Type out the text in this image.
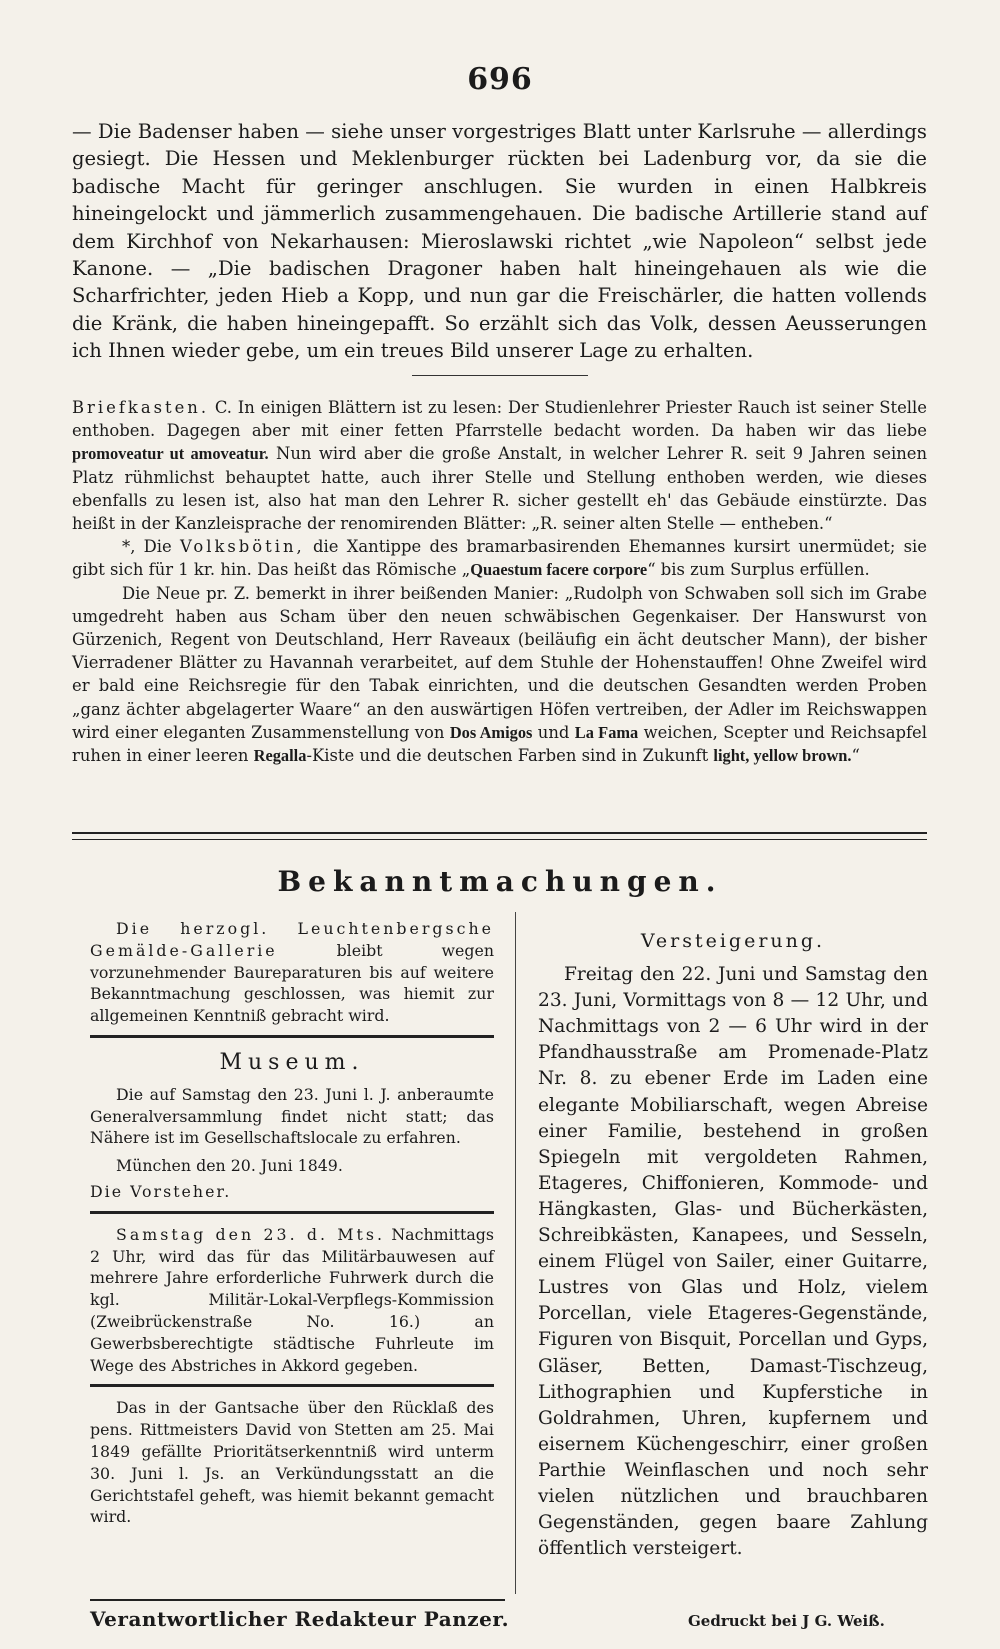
696

— Die Badenser haben — siehe unser vorgestriges Blatt unter Karlsruhe — allerdings gesiegt. Die Hessen und Meklenburger rückten bei Ladenburg vor, da sie die badische Macht für geringer anschlugen. Sie wurden in einen Halbkreis hineingelockt und jämmerlich zusammengehauen. Die badische Artillerie stand auf dem Kirchhof von Nekarhausen: Mieroslawski richtet „wie Napoleon“ selbst jede Kanone. — „Die badischen Dragoner haben halt hineingehauen als wie die Scharfrichter, jeden Hieb a Kopp, und nun gar die Freischärler, die hatten vollends die Kränk, die haben hineingepafft. So erzählt sich das Volk, dessen Aeusserungen ich Ihnen wieder gebe, um ein treues Bild unserer Lage zu erhalten.

Briefkasten. C. In einigen Blättern ist zu lesen: Der Studienlehrer Priester Rauch ist seiner Stelle enthoben. Dagegen aber mit einer fetten Pfarrstelle bedacht worden. Da haben wir das liebe promoveatur ut amoveatur. Nun wird aber die große Anstalt, in welcher Lehrer R. seit 9 Jahren seinen Platz rühmlichst behauptet hatte, auch ihrer Stelle und Stellung enthoben werden, wie dieses ebenfalls zu lesen ist, also hat man den Lehrer R. sicher gestellt eh' das Gebäude einstürzte. Das heißt in der Kanzleisprache der renomirenden Blätter: „R. seiner alten Stelle — entheben.“

*, Die Volksbötin, die Xantippe des bramarbasirenden Ehemannes kursirt unermüdet; sie gibt sich für 1 kr. hin. Das heißt das Römische „Quaestum facere corpore“ bis zum Surplus erfüllen.

Die Neue pr. Z. bemerkt in ihrer beißenden Manier: „Rudolph von Schwaben soll sich im Grabe umgedreht haben aus Scham über den neuen schwäbischen Gegenkaiser. Der Hanswurst von Gürzenich, Regent von Deutschland, Herr Raveaux (beiläufig ein ächt deutscher Mann), der bisher Vierradener Blätter zu Havannah verarbeitet, auf dem Stuhle der Hohenstauffen! Ohne Zweifel wird er bald eine Reichsregie für den Tabak einrichten, und die deutschen Gesandten werden Proben „ganz ächter abgelagerter Waare“ an den auswärtigen Höfen vertreiben, der Adler im Reichswappen wird einer eleganten Zusammenstellung von Dos Amigos und La Fama weichen, Scepter und Reichsapfel ruhen in einer leeren Regalla-Kiste und die deutschen Farben sind in Zukunft light, yellow brown.“

Bekanntmachungen.

Die herzogl. Leuchtenbergsche Gemälde-Gallerie bleibt wegen vorzunehmender Baureparaturen bis auf weitere Bekanntmachung geschlossen, was hiemit zur allgemeinen Kenntniß gebracht wird.

Museum.

Die auf Samstag den 23. Juni l. J. anberaumte Generalversammlung findet nicht statt; das Nähere ist im Gesellschaftslocale zu erfahren.

München den 20. Juni 1849.

Die Vorsteher.

Samstag den 23. d. Mts. Nachmittags 2 Uhr, wird das für das Militärbauwesen auf mehrere Jahre erforderliche Fuhrwerk durch die kgl. Militär-Lokal-Verpflegs-Kommission (Zweibrückenstraße No. 16.) an Gewerbsberechtigte städtische Fuhrleute im Wege des Abstriches in Akkord gegeben.

Das in der Gantsache über den Rücklaß des pens. Rittmeisters David von Stetten am 25. Mai 1849 gefällte Prioritätserkenntniß wird unterm 30. Juni l. Js. an Verkündungsstatt an die Gerichtstafel geheft, was hiemit bekannt gemacht wird.

Versteigerung.

Freitag den 22. Juni und Samstag den 23. Juni, Vormittags von 8 — 12 Uhr, und Nachmittags von 2 — 6 Uhr wird in der Pfandhausstraße am Promenade-Platz Nr. 8. zu ebener Erde im Laden eine elegante Mobiliarschaft, wegen Abreise einer Familie, bestehend in großen Spiegeln mit vergoldeten Rahmen, Etageres, Chiffonieren, Kommode- und Hängkasten, Glas- und Bücherkästen, Schreibkästen, Kanapees, und Sesseln, einem Flügel von Sailer, einer Guitarre, Lustres von Glas und Holz, vielem Porcellan, viele Etageres-Gegenstände, Figuren von Bisquit, Porcellan und Gyps, Gläser, Betten, Damast-Tischzeug, Lithographien und Kupferstiche in Goldrahmen, Uhren, kupfernem und eisernem Küchengeschirr, einer großen Parthie Weinflaschen und noch sehr vielen nützlichen und brauchbaren Gegenständen, gegen baare Zahlung öffentlich versteigert.

Verantwortlicher Redakteur Panzer.	Gedruckt bei J G. Weiß.
